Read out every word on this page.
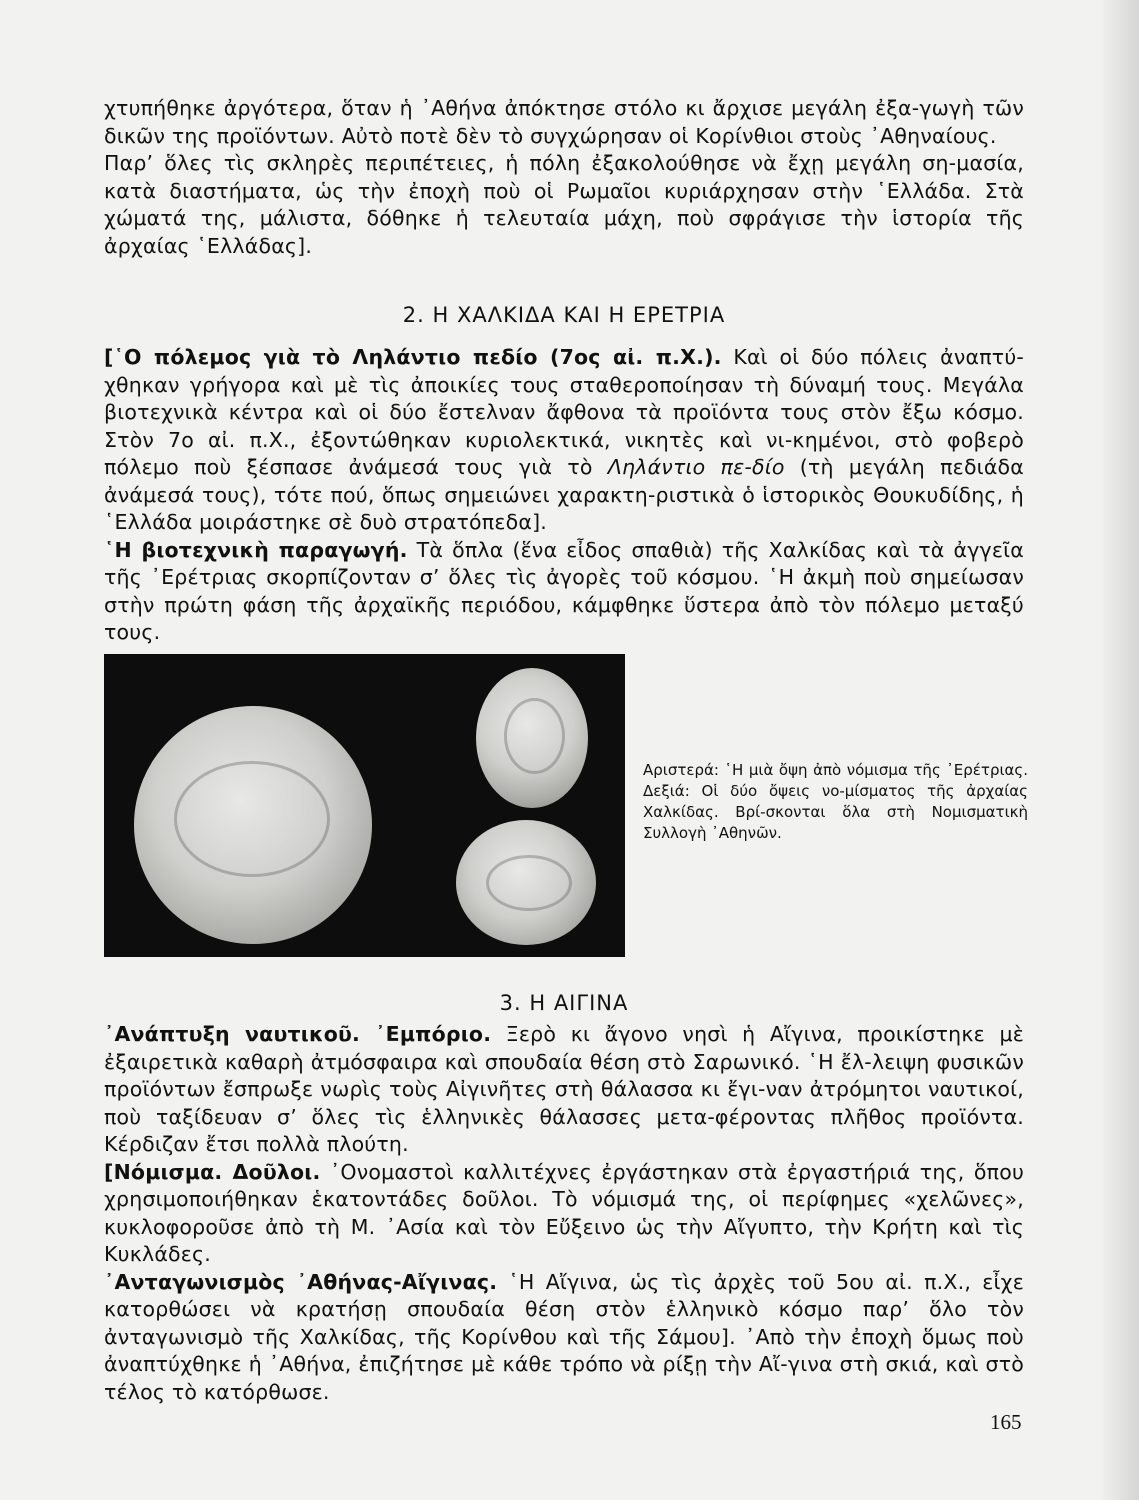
χτυπήθηκε ἀργότερα, ὅταν ἡ ᾿Αθήνα ἀπόκτησε στόλο κι ἄρχισε μεγάλη ἐξα-γωγὴ τῶν δικῶν της προϊόντων. Αὐτὸ ποτὲ δὲν τὸ συγχώρησαν οἱ Κορίνθιοι στοὺς ᾿Αθηναίους.

Παρ’ ὅλες τὶς σκληρὲς περιπέτειες, ἡ πόλη ἐξακολούθησε νὰ ἔχῃ μεγάλη ση-μασία, κατὰ διαστήματα, ὡς τὴν ἐποχὴ ποὺ οἱ Ρωμαῖοι κυριάρχησαν στὴν ῾Ελλάδα. Στὰ χώματά της, μάλιστα, δόθηκε ἡ τελευταία μάχη, ποὺ σφράγισε τὴν ἱστορία τῆς ἀρχαίας ῾Ελλάδας].

2. Η ΧΑΛΚΙΔΑ ΚΑΙ Η ΕΡΕΤΡΙΑ

[῾Ο πόλεμος γιὰ τὸ Ληλάντιο πεδίο (7ος αἰ. π.Χ.). Καὶ οἱ δύο πόλεις ἀναπτύ-χθηκαν γρήγορα καὶ μὲ τὶς ἀποικίες τους σταθεροποίησαν τὴ δύναμή τους. Μεγάλα βιοτεχνικὰ κέντρα καὶ οἱ δύο ἔστελναν ἄφθονα τὰ προϊόντα τους στὸν ἔξω κόσμο. Στὸν 7ο αἰ. π.Χ., ἐξοντώθηκαν κυριολεκτικά, νικητὲς καὶ νι-κημένοι, στὸ φοβερὸ πόλεμο ποὺ ξέσπασε ἀνάμεσά τους γιὰ τὸ Ληλάντιο πε-δίο (τὴ μεγάλη πεδιάδα ἀνάμεσά τους), τότε πού, ὅπως σημειώνει χαρακτη-ριστικὰ ὁ ἱστορικὸς Θουκυδίδης, ἡ ῾Ελλάδα μοιράστηκε σὲ δυὸ στρατόπεδα].

῾Η βιοτεχνικὴ παραγωγή. Τὰ ὅπλα (ἕνα εἶδος σπαθιὰ) τῆς Χαλκίδας καὶ τὰ ἀγγεῖα τῆς ᾿Ερέτριας σκορπίζονταν σ’ ὅλες τὶς ἀγορὲς τοῦ κόσμου. ῾Η ἀκμὴ ποὺ σημείωσαν στὴν πρώτη φάση τῆς ἀρχαϊκῆς περιόδου, κάμφθηκε ὕστερα ἀπὸ τὸν πόλεμο μεταξύ τους.

Αριστερά: ῾Η μιὰ ὄψη ἀπὸ νόμισμα τῆς ᾿Ερέτριας. Δεξιά: Οἱ δύο ὄψεις νο-μίσματος τῆς ἀρχαίας Χαλκίδας. Βρί-σκονται ὅλα στὴ Νομισματικὴ Συλλογὴ ᾿Αθηνῶν.
3. Η ΑΙΓΙΝΑ

᾿Ανάπτυξη ναυτικοῦ. ᾿Εμπόριο. Ξερὸ κι ἄγονο νησὶ ἡ Αἴγινα, προικίστηκε μὲ ἐξαιρετικὰ καθαρὴ ἀτμόσφαιρα καὶ σπουδαία θέση στὸ Σαρωνικό. ῾Η ἔλ-λειψη φυσικῶν προϊόντων ἔσπρωξε νωρὶς τοὺς Αἰγινῆτες στὴ θάλασσα κι ἔγι-ναν ἀτρόμητοι ναυτικοί, ποὺ ταξίδευαν σ’ ὅλες τὶς ἑλληνικὲς θάλασσες μετα-φέροντας πλῆθος προϊόντα. Κέρδιζαν ἔτσι πολλὰ πλούτη.

[Νόμισμα. Δοῦλοι. ᾿Ονομαστοὶ καλλιτέχνες ἐργάστηκαν στὰ ἐργαστήριά της, ὅπου χρησιμοποιήθηκαν ἑκατοντάδες δοῦλοι. Τὸ νόμισμά της, οἱ περίφημες «χελῶνες», κυκλοφοροῦσε ἀπὸ τὴ Μ. ᾿Ασία καὶ τὸν Εὔξεινο ὡς τὴν Αἴγυπτο, τὴν Κρήτη καὶ τὶς Κυκλάδες.

᾿Ανταγωνισμὸς ᾿Αθήνας-Αἴγινας. ῾Η Αἴγινα, ὡς τὶς ἀρχὲς τοῦ 5ου αἰ. π.Χ., εἶχε κατορθώσει νὰ κρατήσῃ σπουδαία θέση στὸν ἑλληνικὸ κόσμο παρ’ ὅλο τὸν ἀνταγωνισμὸ τῆς Χαλκίδας, τῆς Κορίνθου καὶ τῆς Σάμου]. ᾿Απὸ τὴν ἐποχὴ ὅμως ποὺ ἀναπτύχθηκε ἡ ᾿Αθήνα, ἐπιζήτησε μὲ κάθε τρόπο νὰ ρίξῃ τὴν Αἴ-γινα στὴ σκιά, καὶ στὸ τέλος τὸ κατόρθωσε.

165
